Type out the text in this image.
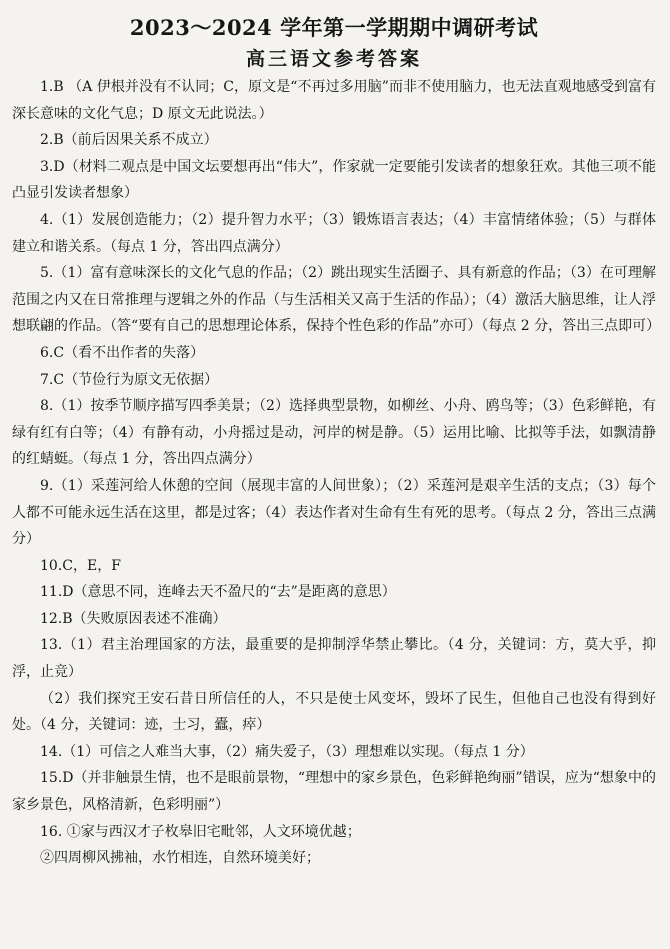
2023～2024 学年第一学期期中调研考试
高三语文参考答案

1.B （A 伊根并没有不认同；C，原文是“不再过多用脑”而非不使用脑力，也无法直观地感受到富有深长意味的文化气息；D 原文无此说法。）

2.B（前后因果关系不成立）

3.D（材料二观点是中国文坛要想再出“伟大”，作家就一定要能引发读者的想象狂欢。其他三项不能凸显引发读者想象）

4.（1）发展创造能力；（2）提升智力水平；（3）锻炼语言表达；（4）丰富情绪体验；（5）与群体建立和谐关系。（每点 1 分，答出四点满分）

5.（1）富有意味深长的文化气息的作品；（2）跳出现实生活圈子、具有新意的作品；（3）在可理解范围之内又在日常推理与逻辑之外的作品（与生活相关又高于生活的作品）；（4）激活大脑思维，让人浮想联翩的作品。（答“要有自己的思想理论体系，保持个性色彩的作品”亦可）（每点 2 分，答出三点即可）

6.C（看不出作者的失落）

7.C（节俭行为原文无依据）

8.（1）按季节顺序描写四季美景；（2）选择典型景物，如柳丝、小舟、鸥鸟等；（3）色彩鲜艳，有绿有红有白等；（4）有静有动，小舟摇过是动，河岸的树是静。（5）运用比喻、比拟等手法，如飘清静的红蜻蜓。（每点 1 分，答出四点满分）

9.（1）采莲河给人休憩的空间（展现丰富的人间世象）；（2）采莲河是艰辛生活的支点；（3）每个人都不可能永远生活在这里，都是过客；（4）表达作者对生命有生有死的思考。（每点 2 分，答出三点满分）

10.C，E，F

11.D（意思不同，连峰去天不盈尺的“去”是距离的意思）

12.B（失败原因表述不准确）

13.（1）君主治理国家的方法，最重要的是抑制浮华禁止攀比。（4 分，关键词：方，莫大乎，抑浮，止竞）

（2）我们探究王安石昔日所信任的人，不只是使士风变坏，毁坏了民生，但他自己也没有得到好处。（4 分，关键词：迹，士习，蠹，瘁）

14.（1）可信之人难当大事，（2）痛失爱子，（3）理想难以实现。（每点 1 分）

15.D（并非触景生情，也不是眼前景物，“理想中的家乡景色，色彩鲜艳绚丽”错误，应为“想象中的家乡景色，风格清新，色彩明丽”）

16. ①家与西汉才子枚皋旧宅毗邻，人文环境优越；

②四周柳风拂袖，水竹相连，自然环境美好；
